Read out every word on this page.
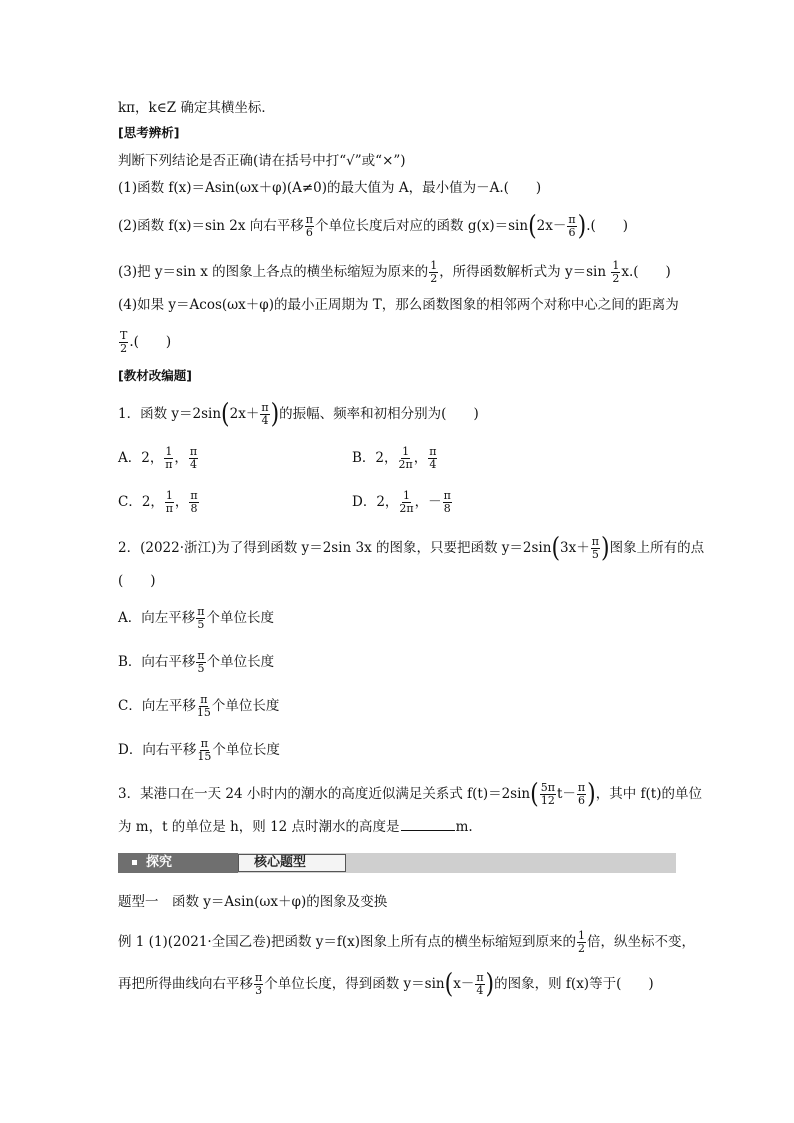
kπ，k∈Z 确定其横坐标．
[思考辨析]
判断下列结论是否正确(请在括号中打“√”或“×”)
(1)函数 f(x)＝Asin(ωx＋φ)(A≠0)的最大值为 A，最小值为－A.(　　)
(2)函数 f(x)＝sin 2x 向右平移 $\frac{\pi}{6}$ 个单位长度后对应的函数 $g(x)=\sin(2x- \frac{\pi}{6}$ ).(　　)
(3)把 y＝sin x 的图象上各点的横坐标缩短为原来的 $\frac{1}{2}$ ，所得函数解析式为 $y=\sin \frac{1}{2} x$.(　　)
(4)如果 y＝Acos(ωx＋φ)的最小正周期为 T，那么函数图象的相邻两个对称中心之间的距离为
$\frac{T}{2}$ .(　　)
[教材改编题]
1．函数 $y=2\sin(2x+ \frac{\pi}{4}$ )的振幅、频率和初相分别为(　　)
A．2， $\frac{1}{\pi}$ ， $\frac{\pi}{4}$	B．2， $\frac{1}{2\pi}$ ， $\frac{\pi}{4}$
C．2， $\frac{1}{\pi}$ ， $\frac{\pi}{8}$	D．2， $\frac{1}{2\pi}$ ，－ $\frac{\pi}{8}$
2．(2022·浙江)为了得到函数 y＝2sin 3x 的图象，只要把函数 $y=2\sin(3x+ \frac{\pi}{5}$ )图象上所有的点
(　　)
A．向左平移 $\frac{\pi}{5}$ 个单位长度
B．向右平移 $\frac{\pi}{5}$ 个单位长度
C．向左平移 $\frac{\pi}{15}$ 个单位长度
D．向右平移 $\frac{\pi}{15}$ 个单位长度
3．某港口在一天 24 小时内的潮水的高度近似满足关系式 $f(t)=2\sin( \frac{5\pi}{12} t- \frac{\pi}{6}$ )，其中 f(t)的单位
为 m，t 的单位是 h，则 12 点时潮水的高度是	m.
探究	核心题型
题型一　函数 y＝Asin(ωx＋φ)的图象及变换
例 1 (1)(2021·全国乙卷)把函数 y＝f(x)图象上所有点的横坐标缩短到原来的 $\frac{1}{2}$ 倍，纵坐标不变，
再把所得曲线向右平移 $\frac{\pi}{3}$ 个单位长度，得到函数 $y=\sin(x- \frac{\pi}{4}$ )的图象，则 f(x)等于(　　)
